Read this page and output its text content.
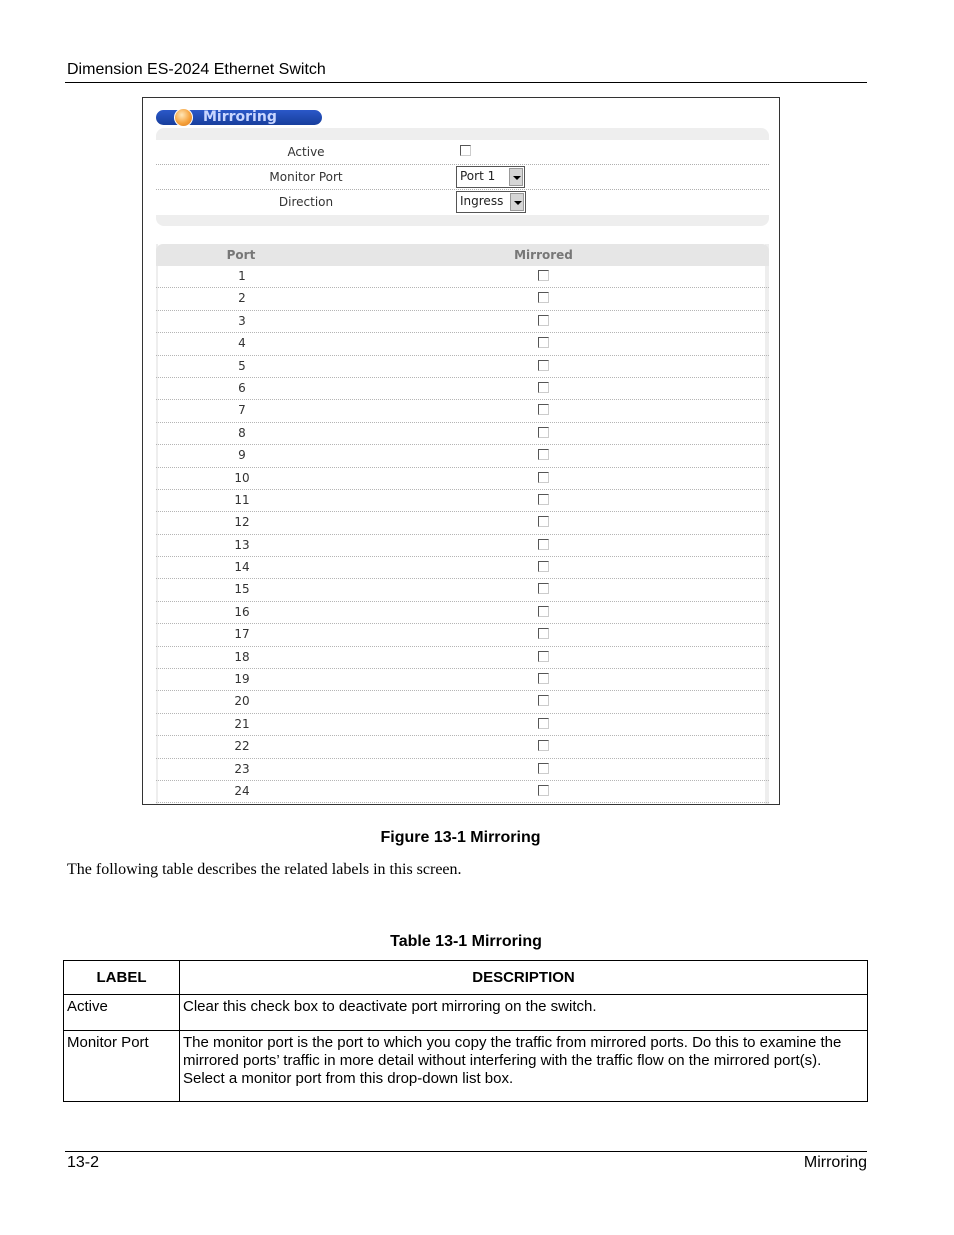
Dimension ES-2024 Ethernet Switch
Mirroring
Active
Monitor Port	Port 1
Direction	Ingress
Port	Mirrored
1
2
3
4
5
6
7
8
9
10
11
12
13
14
15
16
17
18
19
20
21
22
23
24
Figure 13-1 Mirroring
The following table describes the related labels in this screen.
Table 13-1 Mirroring
LABEL	DESCRIPTION
Active	Clear this check box to deactivate port mirroring on the switch.
Monitor Port	The monitor port is the port to which you copy the traffic from mirrored ports. Do this to examine the mirrored ports’ traffic in more detail without interfering with the traffic flow on the mirrored port(s). Select a monitor port from this drop-down list box.
13-2	Mirroring
